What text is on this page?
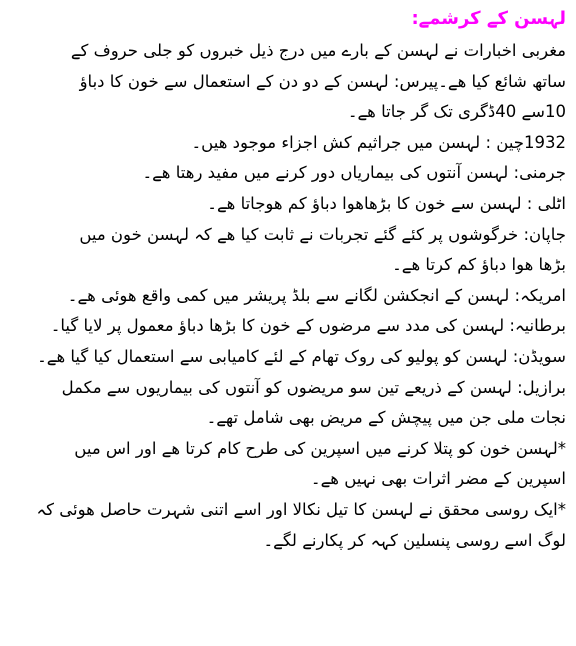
لہسن کے کرشمے:
مغربی اخبارات نے لہسن کے بارے میں درج ذیل خبروں کو جلی حروف کے
ساتھ شائع کیا ھے۔پیرس: لہسن کے دو دن کے استعمال سے خون کا دباؤ
10سے 40ڈگری تک گر جاتا ھے۔
1932چین : لہسن میں جراثیم کش اجزاء موجود ھیں۔
جرمنی: لہسن آنتوں کی بیماریاں دور کرنے میں مفید رھتا ھے۔
اٹلی : لہسن سے خون کا بڑھاھوا دباؤ کم ھوجاتا ھے۔
جاپان: خرگوشوں پر کئے گئے تجربات نے ثابت کیا ھے کہ لہسن خون میں
بڑھا ھوا دباؤ کم کرتا ھے۔
امریکہ: لہسن کے انجکشن لگانے سے بلڈ پریشر میں کمی واقع ھوئی ھے۔
برطانیہ: لہسن کی مدد سے مرضوں کے خون کا بڑھا دباؤ معمول پر لایا گیا۔
سویڈن: لہسن کو پولیو کی روک تھام کے لئے کامیابی سے استعمال کیا گیا ھے۔
برازیل: لہسن کے ذریعے تین سو مریضوں کو آنتوں کی بیماریوں سے مکمل
نجات ملی جن میں پیچش کے مریض بھی شامل تھے۔
*لہسن خون کو پتلا کرنے میں اسپرین کی طرح کام کرتا ھے اور اس میں
اسپرین کے مضر اثرات بھی نہیں ھے۔
*ایک روسی محقق نے لہسن کا تیل نکالا اور اسے اتنی شہرت حاصل ھوئی کہ
لوگ اسے روسی پنسلین کہہ کر پکارنے لگے۔
